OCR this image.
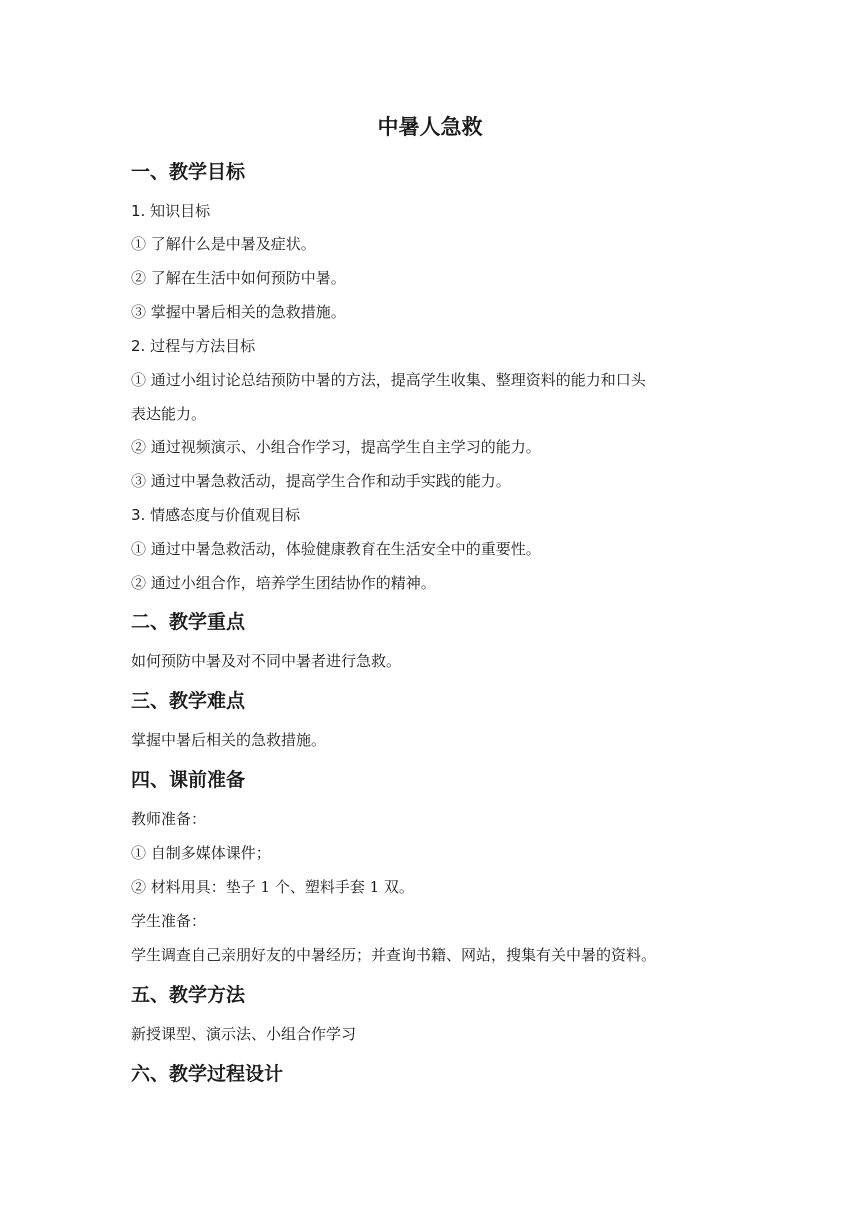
中暑人急救
一、教学目标
1. 知识目标
① 了解什么是中暑及症状。
② 了解在生活中如何预防中暑。
③ 掌握中暑后相关的急救措施。
2. 过程与方法目标
① 通过小组讨论总结预防中暑的方法，提高学生收集、整理资料的能力和口头
表达能力。
② 通过视频演示、小组合作学习，提高学生自主学习的能力。
③ 通过中暑急救活动，提高学生合作和动手实践的能力。
3. 情感态度与价值观目标
① 通过中暑急救活动，体验健康教育在生活安全中的重要性。
② 通过小组合作，培养学生团结协作的精神。
二、教学重点
如何预防中暑及对不同中暑者进行急救。
三、教学难点
掌握中暑后相关的急救措施。
四、课前准备
教师准备：
① 自制多媒体课件；
② 材料用具：垫子 1 个、塑料手套 1 双。
学生准备：
学生调查自己亲朋好友的中暑经历；并查询书籍、网站，搜集有关中暑的资料。
五、教学方法
新授课型、演示法、小组合作学习
六、教学过程设计
